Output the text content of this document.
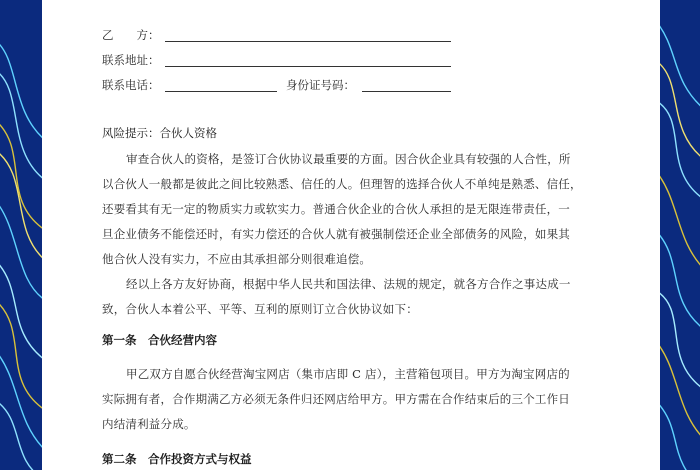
乙　　方：
联系地址：
联系电话：	身份证号码：
风险提示：合伙人资格
审查合伙人的资格，是签订合伙协议最重要的方面。因合伙企业具有较强的人合性，所
以合伙人一般都是彼此之间比较熟悉、信任的人。但理智的选择合伙人不单纯是熟悉、信任，
还要看其有无一定的物质实力或软实力。普通合伙企业的合伙人承担的是无限连带责任，一
旦企业债务不能偿还时，有实力偿还的合伙人就有被强制偿还企业全部债务的风险，如果其
他合伙人没有实力，不应由其承担部分则很难追偿。
经以上各方友好协商，根据中华人民共和国法律、法规的规定，就各方合作之事达成一
致，合伙人本着公平、平等、互利的原则订立合伙协议如下：
第一条　合伙经营内容
甲乙双方自愿合伙经营淘宝网店（集市店即 C 店），主营箱包项目。甲方为淘宝网店的
实际拥有者，合作期满乙方必须无条件归还网店给甲方。甲方需在合作结束后的三个工作日
内结清利益分成。
第二条　合作投资方式与权益
